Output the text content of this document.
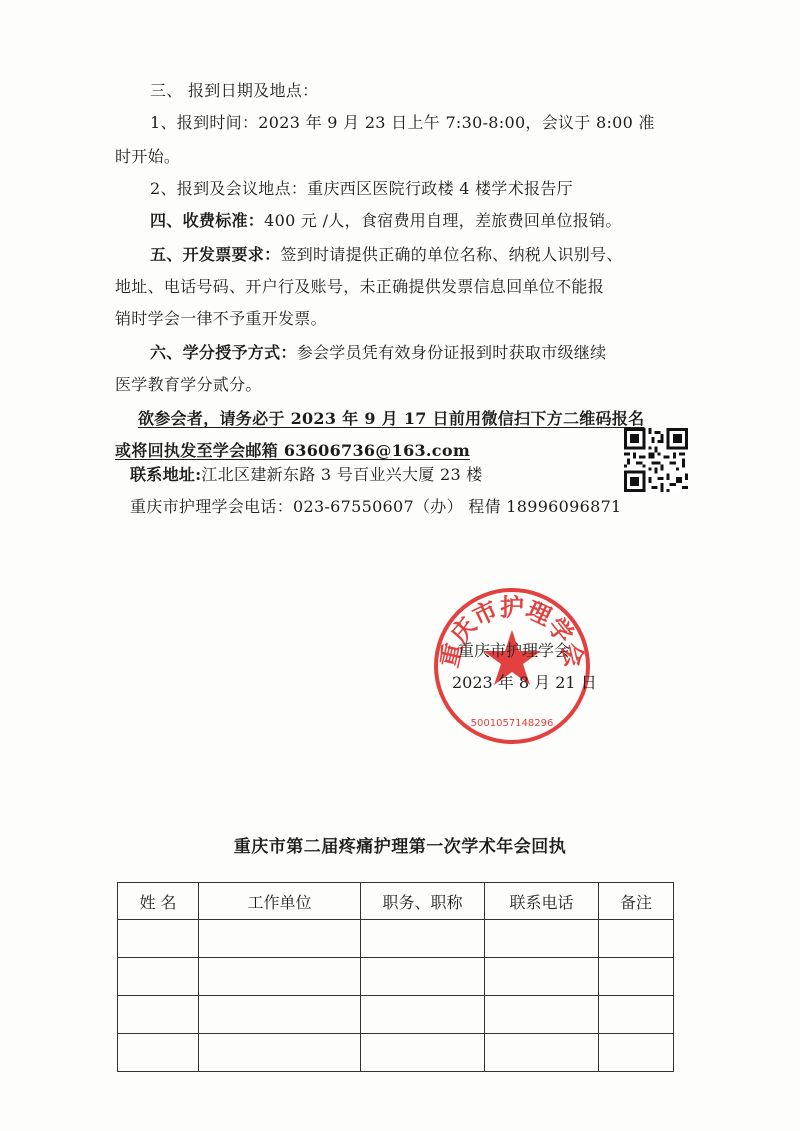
三、 报到日期及地点：
1、报到时间：2023 年 9 月 23 日上午 7:30-8:00，会议于 8:00 准
时开始。
2、报到及会议地点：重庆西区医院行政楼 4 楼学术报告厅
四、收费标准：400 元 /人，食宿费用自理，差旅费回单位报销。
五、开发票要求：签到时请提供正确的单位名称、纳税人识别号、
地址、电话号码、开户行及账号，未正确提供发票信息回单位不能报
销时学会一律不予重开发票。
六、学分授予方式：参会学员凭有效身份证报到时获取市级继续
医学教育学分贰分。
欲参会者，请务必于 2023 年 9 月 17 日前用微信扫下方二维码报名
或将回执发至学会邮箱 63606736@163.com
联系地址:江北区建新东路 3 号百业兴大厦 23 楼
重庆市护理学会电话：023-67550607（办） 程倩 18996096871
重庆市护理学会
5001057148296
重庆市护理学会
2023 年 8 月 21 日
重庆市第二届疼痛护理第一次学术年会回执
姓 名	工作单位	职务、职称	联系电话	备注
